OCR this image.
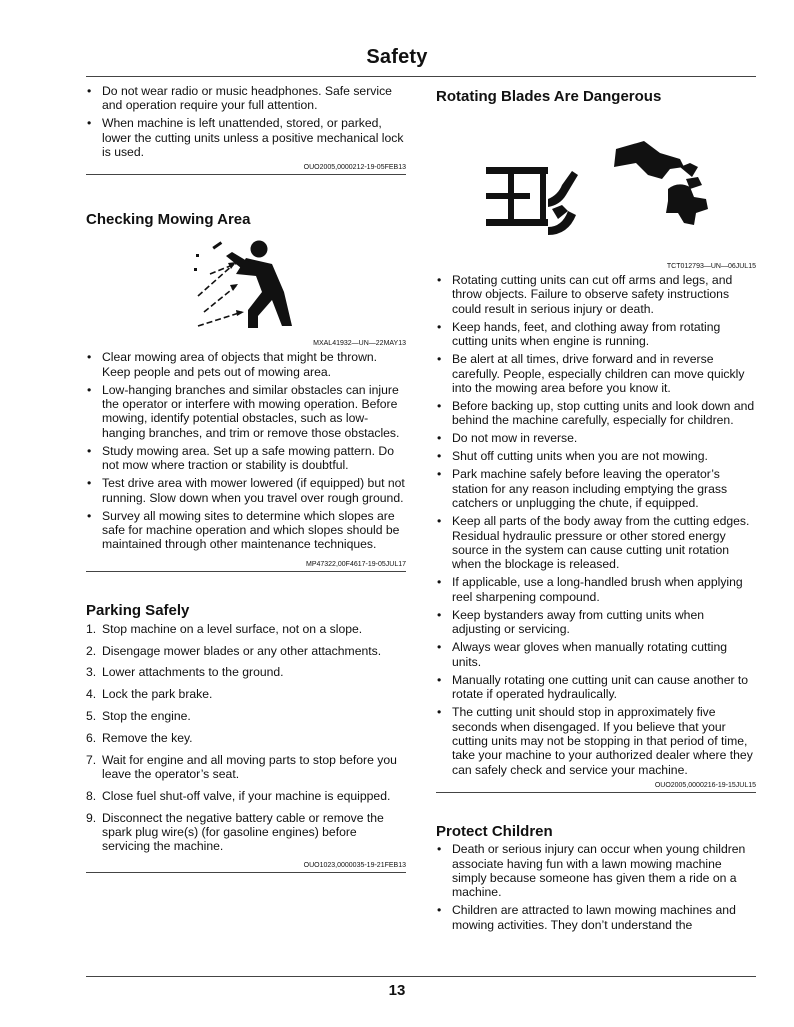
Safety
• Do not wear radio or music headphones. Safe service and operation require your full attention.
• When machine is left unattended, stored, or parked, lower the cutting units unless a positive mechanical lock is used.
OUO2005,0000212-19-05FEB13
Checking Mowing Area
MXAL41932—UN—22MAY13
• Clear mowing area of objects that might be thrown. Keep people and pets out of mowing area.
• Low-hanging branches and similar obstacles can injure the operator or interfere with mowing operation. Before mowing, identify potential obstacles, such as low-hanging branches, and trim or remove those obstacles.
• Study mowing area. Set up a safe mowing pattern. Do not mow where traction or stability is doubtful.
• Test drive area with mower lowered (if equipped) but not running. Slow down when you travel over rough ground.
• Survey all mowing sites to determine which slopes are safe for machine operation and which slopes should be maintained through other maintenance techniques.
MP47322,00F4617-19-05JUL17
Parking Safely
1. Stop machine on a level surface, not on a slope.
2. Disengage mower blades or any other attachments.
3. Lower attachments to the ground.
4. Lock the park brake.
5. Stop the engine.
6. Remove the key.
7. Wait for engine and all moving parts to stop before you leave the operator’s seat.
8. Close fuel shut-off valve, if your machine is equipped.
9. Disconnect the negative battery cable or remove the spark plug wire(s) (for gasoline engines) before servicing the machine.
OUO1023,0000035-19-21FEB13
Rotating Blades Are Dangerous
TCT012793—UN—06JUL15
• Rotating cutting units can cut off arms and legs, and throw objects. Failure to observe safety instructions could result in serious injury or death.
• Keep hands, feet, and clothing away from rotating cutting units when engine is running.
• Be alert at all times, drive forward and in reverse carefully. People, especially children can move quickly into the mowing area before you know it.
• Before backing up, stop cutting units and look down and behind the machine carefully, especially for children.
• Do not mow in reverse.
• Shut off cutting units when you are not mowing.
• Park machine safely before leaving the operator’s station for any reason including emptying the grass catchers or unplugging the chute, if equipped.
• Keep all parts of the body away from the cutting edges. Residual hydraulic pressure or other stored energy source in the system can cause cutting unit rotation when the blockage is released.
• If applicable, use a long-handled brush when applying reel sharpening compound.
• Keep bystanders away from cutting units when adjusting or servicing.
• Always wear gloves when manually rotating cutting units.
• Manually rotating one cutting unit can cause another to rotate if operated hydraulically.
• The cutting unit should stop in approximately five seconds when disengaged. If you believe that your cutting units may not be stopping in that period of time, take your machine to your authorized dealer where they can safely check and service your machine.
OUO2005,0000216-19-15JUL15
Protect Children
• Death or serious injury can occur when young children associate having fun with a lawn mowing machine simply because someone has given them a ride on a machine.
• Children are attracted to lawn mowing machines and mowing activities. They don’t understand the
13
